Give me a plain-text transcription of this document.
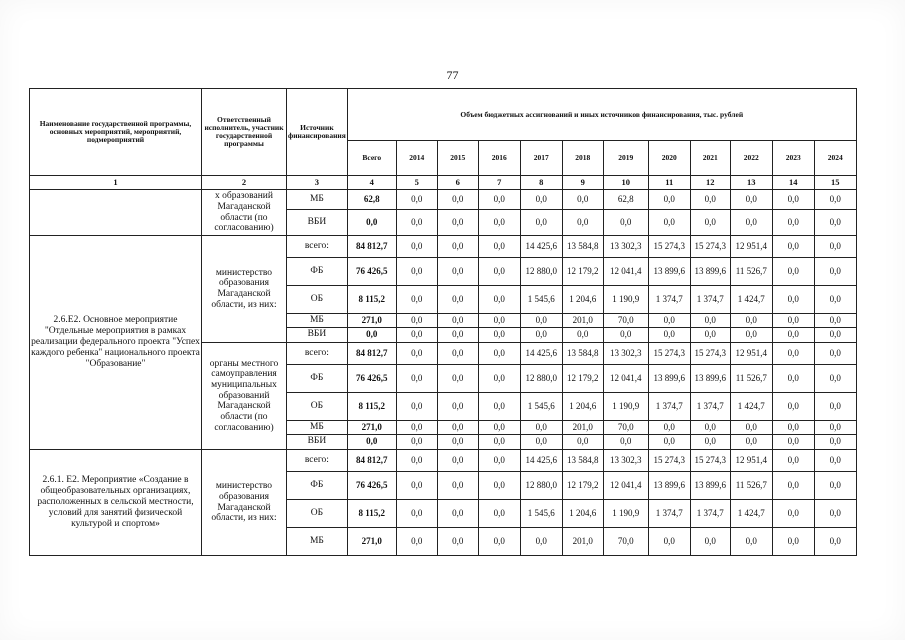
77
Наименование государственной программы, основных мероприятий, мероприятий, подмероприятий	Ответственный исполнитель, участник государственной программы	Источник финансирования	Объем бюджетных ассигнований и иных источников финансирования, тыс. рублей											
			Всего	2014	2015	2016	2017	2018	2019	2020	2021	2022	2023	2024
1	2	3	4	5	6	7	8	9	10	11	12	13	14	15
	х образований Магаданской области (по согласованию)	МБ	62,8	0,0	0,0	0,0	0,0	0,0	62,8	0,0	0,0	0,0	0,0	0,0
		ВБИ	0,0	0,0	0,0	0,0	0,0	0,0	0,0	0,0	0,0	0,0	0,0	0,0
2.6.Е2. Основное мероприятие "Отдельные мероприятия в рамках реализации федерального проекта "Успех каждого ребенка" национального проекта "Образование"	министерство образования Магаданской области, из них:	всего:	84 812,7	0,0	0,0	0,0	14 425,6	13 584,8	13 302,3	15 274,3	15 274,3	12 951,4	0,0	0,0
		ФБ	76 426,5	0,0	0,0	0,0	12 880,0	12 179,2	12 041,4	13 899,6	13 899,6	11 526,7	0,0	0,0
		ОБ	8 115,2	0,0	0,0	0,0	1 545,6	1 204,6	1 190,9	1 374,7	1 374,7	1 424,7	0,0	0,0
		МБ	271,0	0,0	0,0	0,0	0,0	201,0	70,0	0,0	0,0	0,0	0,0	0,0
		ВБИ	0,0	0,0	0,0	0,0	0,0	0,0	0,0	0,0	0,0	0,0	0,0	0,0
	органы местного самоуправления муниципальных образований Магаданской области (по согласованию)	всего:	84 812,7	0,0	0,0	0,0	14 425,6	13 584,8	13 302,3	15 274,3	15 274,3	12 951,4	0,0	0,0
		ФБ	76 426,5	0,0	0,0	0,0	12 880,0	12 179,2	12 041,4	13 899,6	13 899,6	11 526,7	0,0	0,0
		ОБ	8 115,2	0,0	0,0	0,0	1 545,6	1 204,6	1 190,9	1 374,7	1 374,7	1 424,7	0,0	0,0
		МБ	271,0	0,0	0,0	0,0	0,0	201,0	70,0	0,0	0,0	0,0	0,0	0,0
		ВБИ	0,0	0,0	0,0	0,0	0,0	0,0	0,0	0,0	0,0	0,0	0,0	0,0
2.6.1. Е2. Мероприятие «Создание в общеобразовательных организациях, расположенных в сельской местности, условий для занятий физической культурой и спортом»	министерство образования Магаданской области, из них:	всего:	84 812,7	0,0	0,0	0,0	14 425,6	13 584,8	13 302,3	15 274,3	15 274,3	12 951,4	0,0	0,0
		ФБ	76 426,5	0,0	0,0	0,0	12 880,0	12 179,2	12 041,4	13 899,6	13 899,6	11 526,7	0,0	0,0
		ОБ	8 115,2	0,0	0,0	0,0	1 545,6	1 204,6	1 190,9	1 374,7	1 374,7	1 424,7	0,0	0,0
		МБ	271,0	0,0	0,0	0,0	0,0	201,0	70,0	0,0	0,0	0,0	0,0	0,0
